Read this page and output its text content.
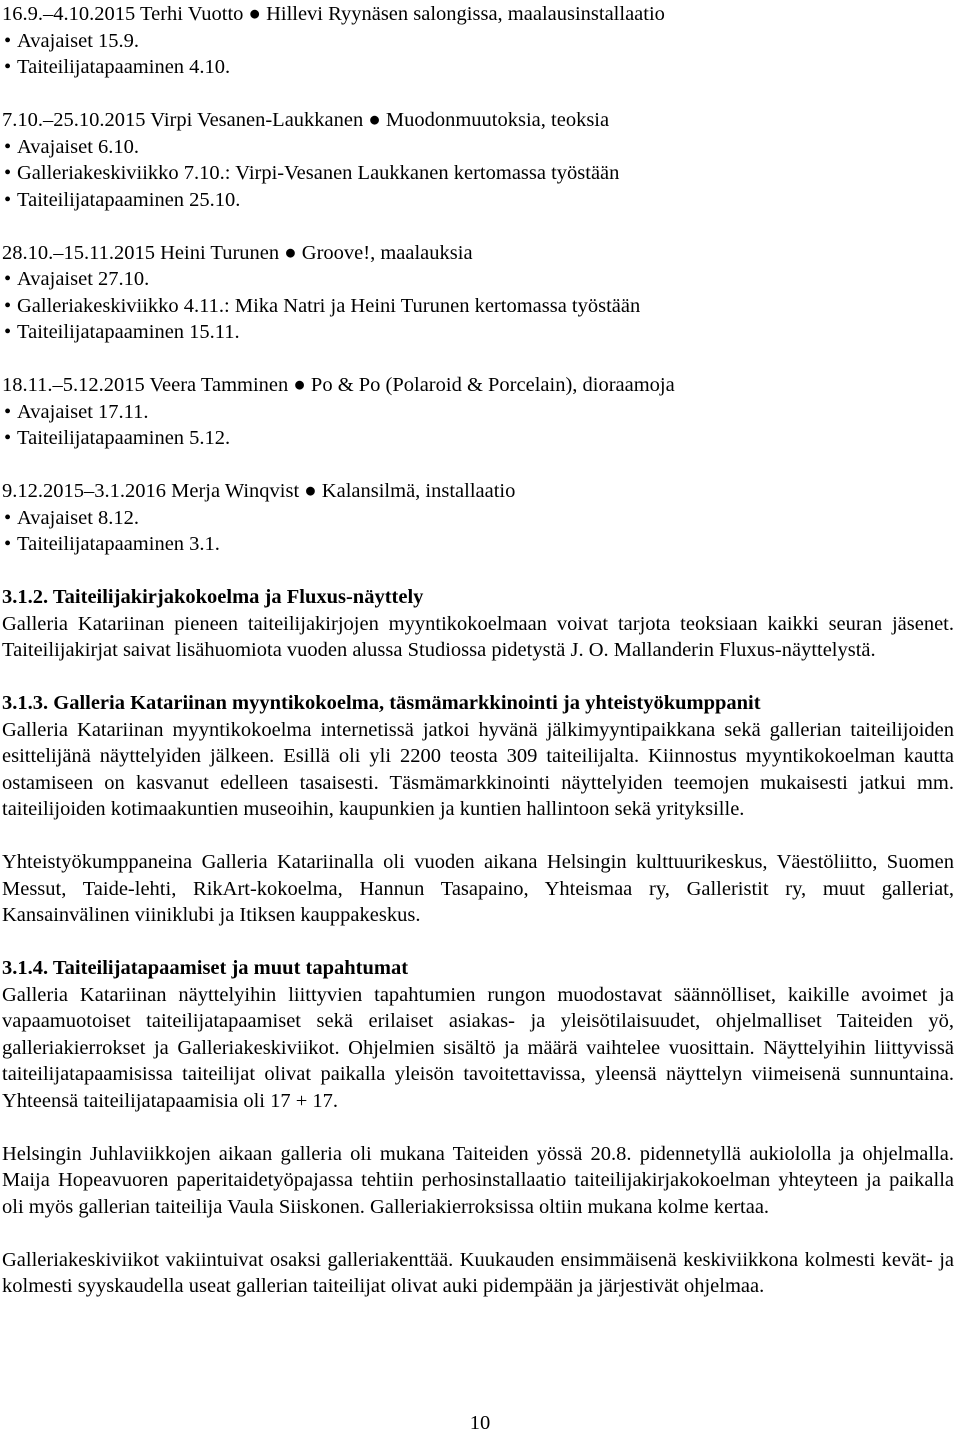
16.9.–4.10.2015 Terhi Vuotto ● Hillevi Ryynäsen salongissa, maalausinstallaatio

• Avajaiset 15.9.

• Taiteilijatapaaminen 4.10.

7.10.–25.10.2015 Virpi Vesanen-Laukkanen ● Muodonmuutoksia, teoksia

• Avajaiset 6.10.

• Galleriakeskiviikko 7.10.: Virpi-Vesanen Laukkanen kertomassa työstään

• Taiteilijatapaaminen 25.10.

28.10.–15.11.2015 Heini Turunen ● Groove!, maalauksia

• Avajaiset 27.10.

• Galleriakeskiviikko 4.11.: Mika Natri ja Heini Turunen kertomassa työstään

• Taiteilijatapaaminen 15.11.

18.11.–5.12.2015 Veera Tamminen ● Po & Po (Polaroid & Porcelain), dioraamoja

• Avajaiset 17.11.

• Taiteilijatapaaminen 5.12.

9.12.2015–3.1.2016 Merja Winqvist ● Kalansilmä, installaatio

• Avajaiset 8.12.

• Taiteilijatapaaminen 3.1.

3.1.2. Taiteilijakirjakokoelma ja Fluxus-näyttely

Galleria Katariinan pieneen taiteilijakirjojen myyntikokoelmaan voivat tarjota teoksiaan kaikki seuran jäsenet. Taiteilijakirjat saivat lisähuomiota vuoden alussa Studiossa pidetystä J. O. Mallanderin Fluxus-näyttelystä.

3.1.3. Galleria Katariinan myyntikokoelma, täsmämarkkinointi ja yhteistyökumppanit

Galleria Katariinan myyntikokoelma internetissä jatkoi hyvänä jälkimyyntipaikkana sekä gallerian taiteilijoiden esittelijänä näyttelyiden jälkeen. Esillä oli yli 2200 teosta 309 taiteilijalta. Kiinnostus myyntikokoelman kautta ostamiseen on kasvanut edelleen tasaisesti. Täsmämarkkinointi näyttelyiden teemojen mukaisesti jatkui mm. taiteilijoiden kotimaakuntien museoihin, kaupunkien ja kuntien hallintoon sekä yrityksille.

Yhteistyökumppaneina Galleria Katariinalla oli vuoden aikana Helsingin kulttuurikeskus, Väestöliitto, Suomen Messut, Taide-lehti, RikArt-kokoelma, Hannun Tasapaino, Yhteismaa ry, Galleristit ry, muut galleriat, Kansainvälinen viiniklubi ja Itiksen kauppakeskus.

3.1.4. Taiteilijatapaamiset ja muut tapahtumat

Galleria Katariinan näyttelyihin liittyvien tapahtumien rungon muodostavat säännölliset, kaikille avoimet ja vapaamuotoiset taiteilijatapaamiset sekä erilaiset asiakas- ja yleisötilaisuudet, ohjelmalliset Taiteiden yö, galleriakierrokset ja Galleriakeskiviikot. Ohjelmien sisältö ja määrä vaihtelee vuosittain. Näyttelyihin liittyvissä taiteilijatapaamisissa taiteilijat olivat paikalla yleisön tavoitettavissa, yleensä näyttelyn viimeisenä sunnuntaina. Yhteensä taiteilijatapaamisia oli 17 + 17.

Helsingin Juhlaviikkojen aikaan galleria oli mukana Taiteiden yössä 20.8. pidennetyllä aukiololla ja ohjelmalla. Maija Hopeavuoren paperitaidetyöpajassa tehtiin perhosinstallaatio taiteilijakirjakokoelman yhteyteen ja paikalla oli myös gallerian taiteilija Vaula Siiskonen. Galleriakierroksissa oltiin mukana kolme kertaa.

Galleriakeskiviikot vakiintuivat osaksi galleriakenttää. Kuukauden ensimmäisenä keskiviikkona kolmesti kevät- ja kolmesti syyskaudella useat gallerian taiteilijat olivat auki pidempään ja järjestivät ohjelmaa.

10
